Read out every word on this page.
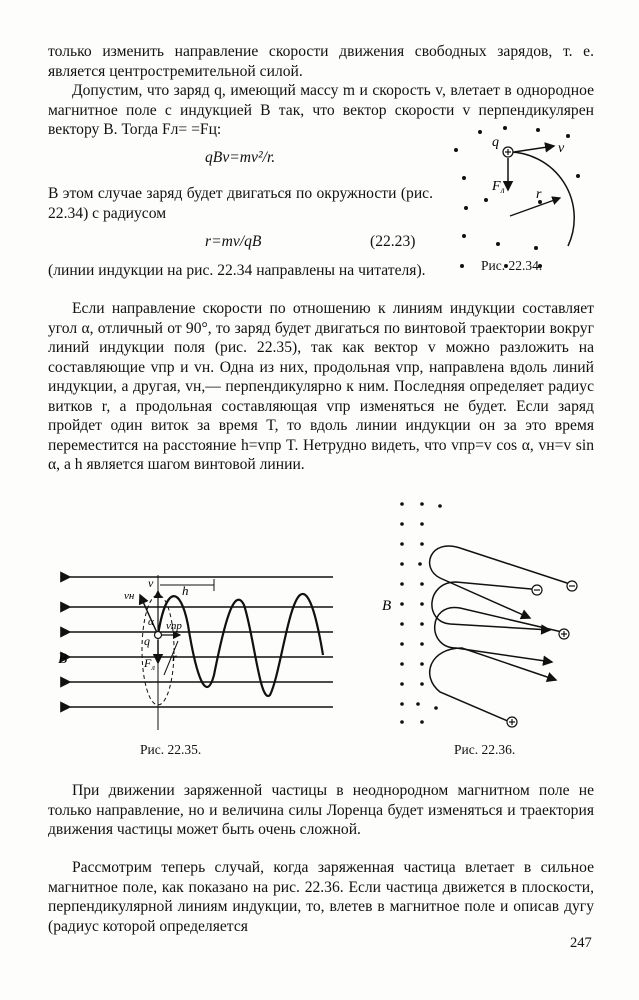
только изменить направление скорости движения свободных зарядов, т. е. является центростремительной силой.

Допустим, что заряд q, имеющий массу m и скорость v, влетает в однородное магнитное поле с индукцией B так, что вектор скорости v перпендикулярен вектору B. Тогда Fл= =Fц:

qBv=mv²/r.

В этом случае заряд будет двигаться по окружности (рис. 22.34) с радиусом

r=mv/qB	(22.23)

(линии индукции на рис. 22.34 направлены на читателя).

q	v
$F_л$ r

Рис. 22.34.

Если направление скорости по отношению к линиям индукции составляет угол α, отличный от 90°, то заряд будет двигаться по винтовой траектории вокруг линий индукции поля (рис. 22.35), так как вектор v можно разложить на составляющие vпр и vн. Одна из них, продольная vпр, направлена вдоль линий индукции, а другая, vн,— перпендикулярно к ним. Последняя определяет радиус витков r, а продольная составляющая vпр изменяться не будет. Если заряд пройдет один виток за время T, то вдоль линии индукции он за это время переместится на расстояние h=vпр T. Нетрудно видеть, что vпр=v cos α, vн=v sin α, а h является шагом винтовой линии.

B
v
vн
vпр
h
q
α
$F_л$
r

Рис. 22.35.

B

Рис. 22.36.

При движении заряженной частицы в неоднородном магнитном поле не только направление, но и величина силы Лоренца будет изменяться и траектория движения частицы может быть очень сложной.

Рассмотрим теперь случай, когда заряженная частица влетает в сильное магнитное поле, как показано на рис. 22.36. Если частица движется в плоскости, перпендикулярной линиям индукции, то, влетев в магнитное поле и описав дугу (радиус которой определяется

247
